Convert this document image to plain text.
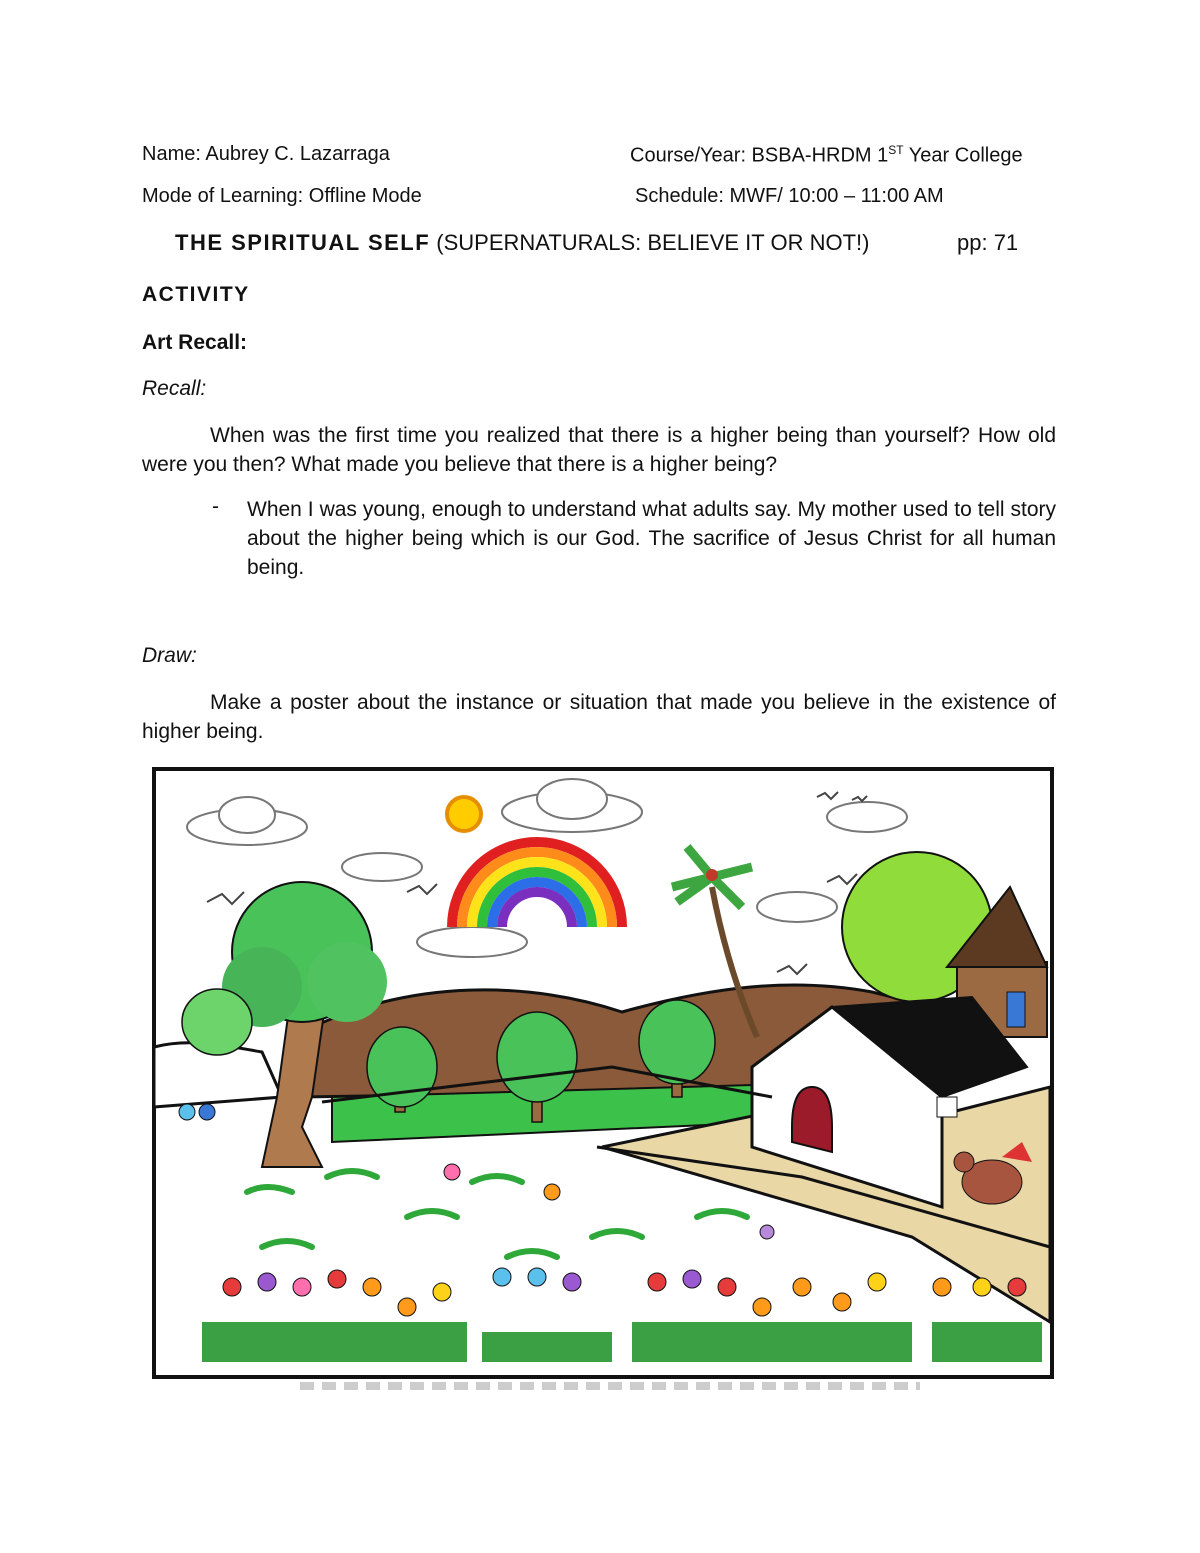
Name: Aubrey C. Lazarraga	Course/Year: BSBA-HRDM 1ST Year College
Mode of Learning: Offline Mode	Schedule: MWF/ 10:00 – 11:00 AM
THE SPIRITUAL SELF (SUPERNATURALS: BELIEVE IT OR NOT!)	pp: 71
ACTIVITY
Art Recall:
Recall:

When was the first time you realized that there is a higher being than yourself? How old were you then? What made you believe that there is a higher being?

- When I was young, enough to understand what adults say. My mother used to tell story about the higher being which is our God. The sacrifice of Jesus Christ for all human being.

Draw:

Make a poster about the instance or situation that made you believe in the existence of higher being.
